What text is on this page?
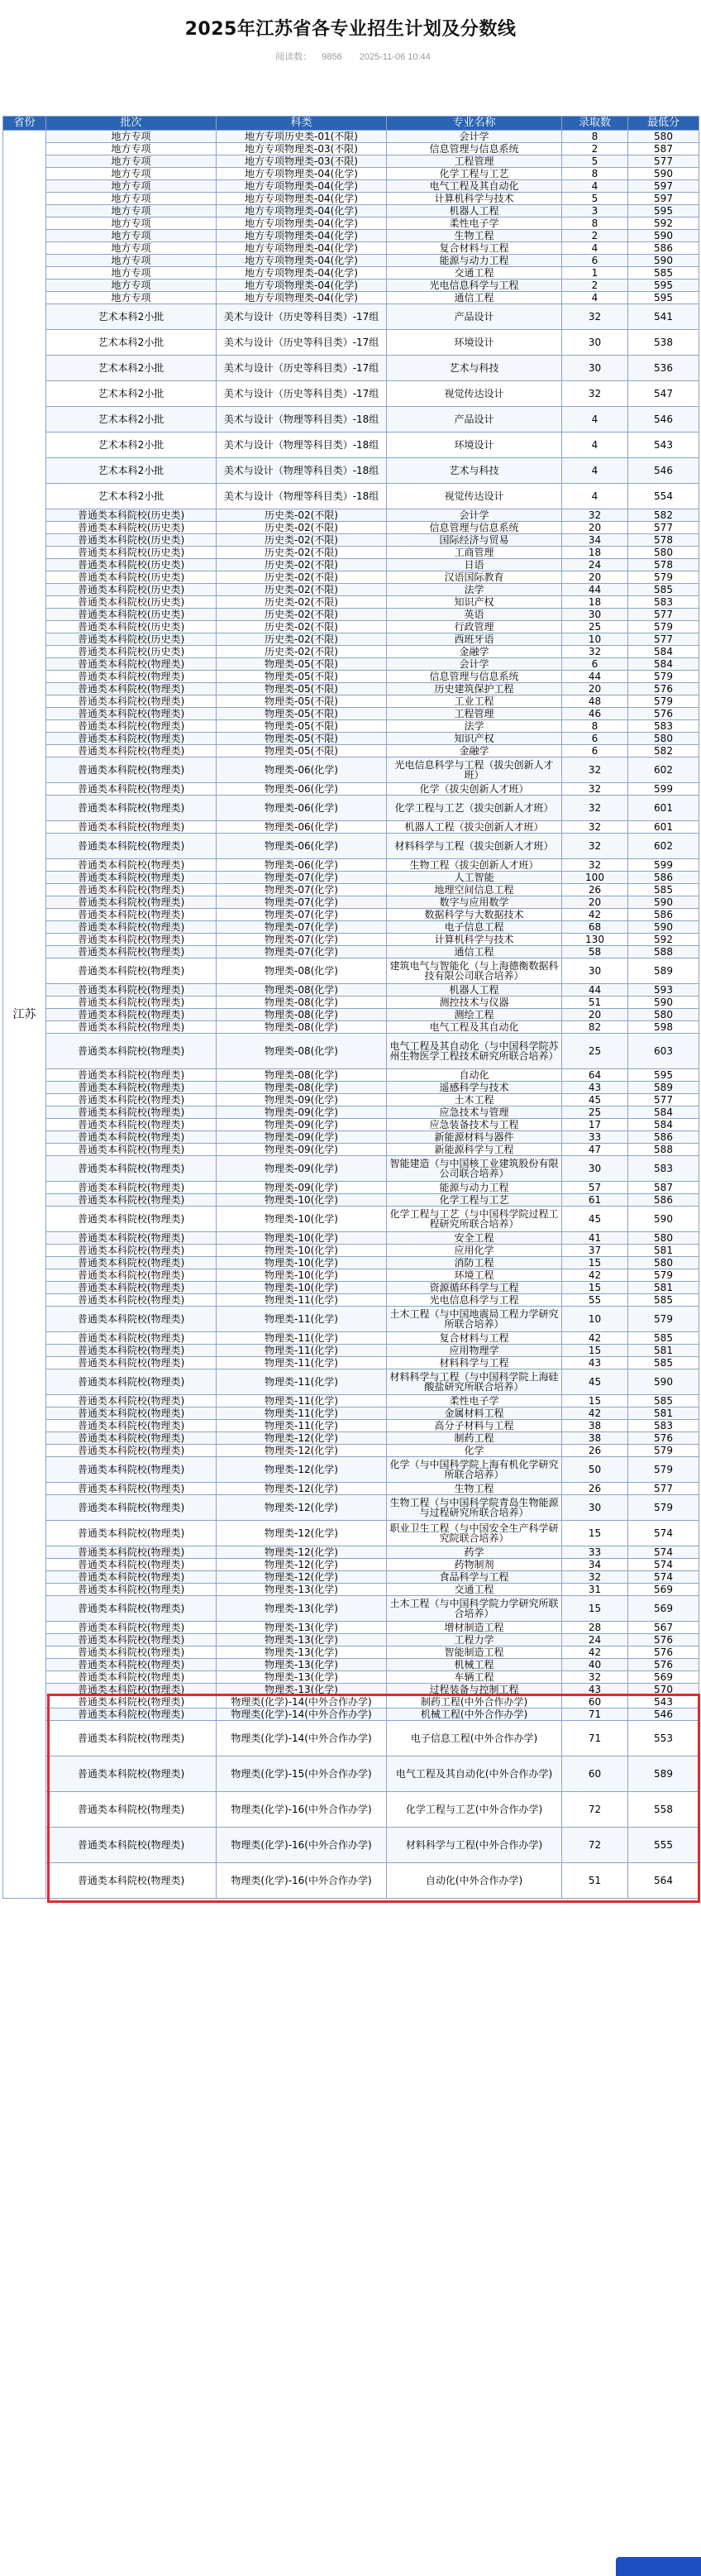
2025年江苏省各专业招生计划及分数线
阅读数： 9856 2025-11-06 10:44
省份	批次	科类	专业名称	录取数	最低分
江苏	地方专项	地方专项历史类-01(不限)	会计学	8	580
	地方专项	地方专项物理类-03(不限)	信息管理与信息系统	2	587
	地方专项	地方专项物理类-03(不限)	工程管理	5	577
	地方专项	地方专项物理类-04(化学)	化学工程与工艺	8	590
	地方专项	地方专项物理类-04(化学)	电气工程及其自动化	4	597
	地方专项	地方专项物理类-04(化学)	计算机科学与技术	5	597
	地方专项	地方专项物理类-04(化学)	机器人工程	3	595
	地方专项	地方专项物理类-04(化学)	柔性电子学	8	592
	地方专项	地方专项物理类-04(化学)	生物工程	2	590
	地方专项	地方专项物理类-04(化学)	复合材料与工程	4	586
	地方专项	地方专项物理类-04(化学)	能源与动力工程	6	590
	地方专项	地方专项物理类-04(化学)	交通工程	1	585
	地方专项	地方专项物理类-04(化学)	光电信息科学与工程	2	595
	地方专项	地方专项物理类-04(化学)	通信工程	4	595
	艺术本科2小批	美术与设计（历史等科目类）-17组	产品设计	32	541
	艺术本科2小批	美术与设计（历史等科目类）-17组	环境设计	30	538
	艺术本科2小批	美术与设计（历史等科目类）-17组	艺术与科技	30	536
	艺术本科2小批	美术与设计（历史等科目类）-17组	视觉传达设计	32	547
	艺术本科2小批	美术与设计（物理等科目类）-18组	产品设计	4	546
	艺术本科2小批	美术与设计（物理等科目类）-18组	环境设计	4	543
	艺术本科2小批	美术与设计（物理等科目类）-18组	艺术与科技	4	546
	艺术本科2小批	美术与设计（物理等科目类）-18组	视觉传达设计	4	554
	普通类本科院校(历史类)	历史类-02(不限)	会计学	32	582
	普通类本科院校(历史类)	历史类-02(不限)	信息管理与信息系统	20	577
	普通类本科院校(历史类)	历史类-02(不限)	国际经济与贸易	34	578
	普通类本科院校(历史类)	历史类-02(不限)	工商管理	18	580
	普通类本科院校(历史类)	历史类-02(不限)	日语	24	578
	普通类本科院校(历史类)	历史类-02(不限)	汉语国际教育	20	579
	普通类本科院校(历史类)	历史类-02(不限)	法学	44	585
	普通类本科院校(历史类)	历史类-02(不限)	知识产权	18	583
	普通类本科院校(历史类)	历史类-02(不限)	英语	30	577
	普通类本科院校(历史类)	历史类-02(不限)	行政管理	25	579
	普通类本科院校(历史类)	历史类-02(不限)	西班牙语	10	577
	普通类本科院校(历史类)	历史类-02(不限)	金融学	32	584
	普通类本科院校(物理类)	物理类-05(不限)	会计学	6	584
	普通类本科院校(物理类)	物理类-05(不限)	信息管理与信息系统	44	579
	普通类本科院校(物理类)	物理类-05(不限)	历史建筑保护工程	20	576
	普通类本科院校(物理类)	物理类-05(不限)	工业工程	48	579
	普通类本科院校(物理类)	物理类-05(不限)	工程管理	46	576
	普通类本科院校(物理类)	物理类-05(不限)	法学	8	583
	普通类本科院校(物理类)	物理类-05(不限)	知识产权	6	580
	普通类本科院校(物理类)	物理类-05(不限)	金融学	6	582
	普通类本科院校(物理类)	物理类-06(化学)	光电信息科学与工程（拔尖创新人才班）	32	602
	普通类本科院校(物理类)	物理类-06(化学)	化学（拔尖创新人才班）	32	599
	普通类本科院校(物理类)	物理类-06(化学)	化学工程与工艺（拔尖创新人才班）	32	601
	普通类本科院校(物理类)	物理类-06(化学)	机器人工程（拔尖创新人才班）	32	601
	普通类本科院校(物理类)	物理类-06(化学)	材料科学与工程（拔尖创新人才班）	32	602
	普通类本科院校(物理类)	物理类-06(化学)	生物工程（拔尖创新人才班）	32	599
	普通类本科院校(物理类)	物理类-07(化学)	人工智能	100	586
	普通类本科院校(物理类)	物理类-07(化学)	地理空间信息工程	26	585
	普通类本科院校(物理类)	物理类-07(化学)	数字与应用数学	20	590
	普通类本科院校(物理类)	物理类-07(化学)	数据科学与大数据技术	42	586
	普通类本科院校(物理类)	物理类-07(化学)	电子信息工程	68	590
	普通类本科院校(物理类)	物理类-07(化学)	计算机科学与技术	130	592
	普通类本科院校(物理类)	物理类-07(化学)	通信工程	58	588
	普通类本科院校(物理类)	物理类-08(化学)	建筑电气与智能化（与上海德衡数据科技有限公司联合培养）	30	589
	普通类本科院校(物理类)	物理类-08(化学)	机器人工程	44	593
	普通类本科院校(物理类)	物理类-08(化学)	测控技术与仪器	51	590
	普通类本科院校(物理类)	物理类-08(化学)	测绘工程	20	580
	普通类本科院校(物理类)	物理类-08(化学)	电气工程及其自动化	82	598
	普通类本科院校(物理类)	物理类-08(化学)	电气工程及其自动化（与中国科学院苏州生物医学工程技术研究所联合培养）	25	603
	普通类本科院校(物理类)	物理类-08(化学)	自动化	64	595
	普通类本科院校(物理类)	物理类-08(化学)	遥感科学与技术	43	589
	普通类本科院校(物理类)	物理类-09(化学)	土木工程	45	577
	普通类本科院校(物理类)	物理类-09(化学)	应急技术与管理	25	584
	普通类本科院校(物理类)	物理类-09(化学)	应急装备技术与工程	17	584
	普通类本科院校(物理类)	物理类-09(化学)	新能源材料与器件	33	586
	普通类本科院校(物理类)	物理类-09(化学)	新能源科学与工程	47	588
	普通类本科院校(物理类)	物理类-09(化学)	智能建造（与中国核工业建筑股份有限公司联合培养）	30	583
	普通类本科院校(物理类)	物理类-09(化学)	能源与动力工程	57	587
	普通类本科院校(物理类)	物理类-10(化学)	化学工程与工艺	61	586
	普通类本科院校(物理类)	物理类-10(化学)	化学工程与工艺（与中国科学院过程工程研究所联合培养）	45	590
	普通类本科院校(物理类)	物理类-10(化学)	安全工程	41	580
	普通类本科院校(物理类)	物理类-10(化学)	应用化学	37	581
	普通类本科院校(物理类)	物理类-10(化学)	消防工程	15	580
	普通类本科院校(物理类)	物理类-10(化学)	环境工程	42	579
	普通类本科院校(物理类)	物理类-10(化学)	资源循环科学与工程	15	581
	普通类本科院校(物理类)	物理类-11(化学)	光电信息科学与工程	55	585
	普通类本科院校(物理类)	物理类-11(化学)	土木工程（与中国地震局工程力学研究所联合培养）	10	579
	普通类本科院校(物理类)	物理类-11(化学)	复合材料与工程	42	585
	普通类本科院校(物理类)	物理类-11(化学)	应用物理学	15	581
	普通类本科院校(物理类)	物理类-11(化学)	材料科学与工程	43	585
	普通类本科院校(物理类)	物理类-11(化学)	材料科学与工程（与中国科学院上海硅酸盐研究所联合培养）	45	590
	普通类本科院校(物理类)	物理类-11(化学)	柔性电子学	15	585
	普通类本科院校(物理类)	物理类-11(化学)	金属材料工程	42	581
	普通类本科院校(物理类)	物理类-11(化学)	高分子材料与工程	38	583
	普通类本科院校(物理类)	物理类-12(化学)	制药工程	38	576
	普通类本科院校(物理类)	物理类-12(化学)	化学	26	579
	普通类本科院校(物理类)	物理类-12(化学)	化学（与中国科学院上海有机化学研究所联合培养）	50	579
	普通类本科院校(物理类)	物理类-12(化学)	生物工程	26	577
	普通类本科院校(物理类)	物理类-12(化学)	生物工程（与中国科学院青岛生物能源与过程研究所联合培养）	30	579
	普通类本科院校(物理类)	物理类-12(化学)	职业卫生工程（与中国安全生产科学研究院联合培养）	15	574
	普通类本科院校(物理类)	物理类-12(化学)	药学	33	574
	普通类本科院校(物理类)	物理类-12(化学)	药物制剂	34	574
	普通类本科院校(物理类)	物理类-12(化学)	食品科学与工程	32	574
	普通类本科院校(物理类)	物理类-13(化学)	交通工程	31	569
	普通类本科院校(物理类)	物理类-13(化学)	土木工程（与中国科学院力学研究所联合培养）	15	569
	普通类本科院校(物理类)	物理类-13(化学)	增材制造工程	28	567
	普通类本科院校(物理类)	物理类-13(化学)	工程力学	24	576
	普通类本科院校(物理类)	物理类-13(化学)	智能制造工程	42	576
	普通类本科院校(物理类)	物理类-13(化学)	机械工程	40	576
	普通类本科院校(物理类)	物理类-13(化学)	车辆工程	32	569
	普通类本科院校(物理类)	物理类-13(化学)	过程装备与控制工程	43	570
	普通类本科院校(物理类)	物理类(化学)-14(中外合作办学)	制药工程(中外合作办学)	60	543
	普通类本科院校(物理类)	物理类(化学)-14(中外合作办学)	机械工程(中外合作办学)	71	546
	普通类本科院校(物理类)	物理类(化学)-14(中外合作办学)	电子信息工程(中外合作办学)	71	553
	普通类本科院校(物理类)	物理类(化学)-15(中外合作办学)	电气工程及其自动化(中外合作办学)	60	589
	普通类本科院校(物理类)	物理类(化学)-16(中外合作办学)	化学工程与工艺(中外合作办学)	72	558
	普通类本科院校(物理类)	物理类(化学)-16(中外合作办学)	材料科学与工程(中外合作办学)	72	555
	普通类本科院校(物理类)	物理类(化学)-16(中外合作办学)	自动化(中外合作办学)	51	564
